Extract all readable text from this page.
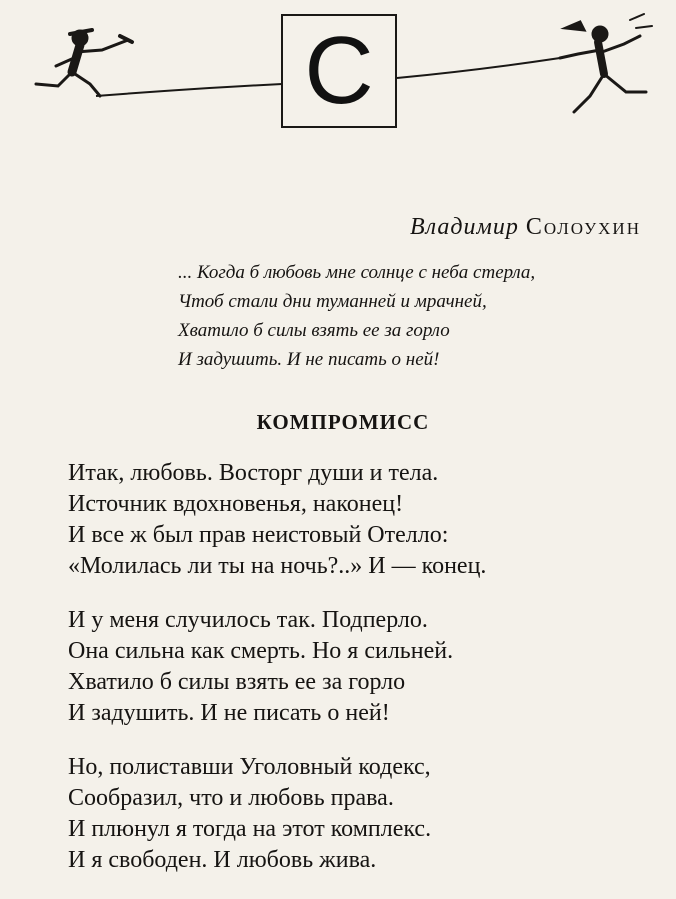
С
Владимир Солоухин
... Когда б любовь мне солнце с неба стерла,
Чтоб стали дни туманней и мрачней,
Хватило б силы взять ее за горло
И задушить. И не писать о ней!
КОМПРОМИСС
Итак, любовь. Восторг души и тела.
Источник вдохновенья, наконец!
И все ж был прав неистовый Отелло:
«Молилась ли ты на ночь?..» И — конец.
И у меня случилось так. Подперло.
Она сильна как смерть. Но я сильней.
Хватило б силы взять ее за горло
И задушить. И не писать о ней!
Но, полиставши Уголовный кодекс,
Сообразил, что и любовь права.
И плюнул я тогда на этот комплекс.
И я свободен. И любовь жива.
